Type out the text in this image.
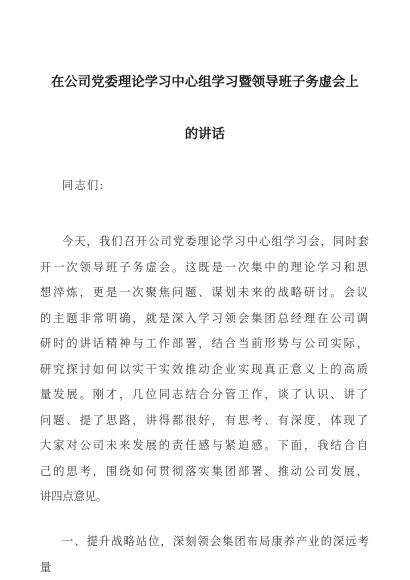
在公司党委理论学习中心组学习暨领导班子务虚会上
的讲话
同志们:
今天，我们召开公司党委理论学习中心组学习会，同时套
开一次领导班子务虚会。这既是一次集中的理论学习和思
想淬炼，更是一次聚焦问题、谋划未来的战略研讨。会议
的主题非常明确，就是深入学习领会集团总经理在公司调
研时的讲话精神与工作部署，结合当前形势与公司实际，
研究探讨如何以实干实效推动企业实现真正意义上的高质
量发展。刚才，几位同志结合分管工作，谈了认识、讲了
问题、提了思路，讲得都很好，有思考、有深度，体现了
大家对公司未来发展的责任感与紧迫感。下面，我结合自
己的思考，围绕如何贯彻落实集团部署、推动公司发展，
讲四点意见。
一、提升战略站位，深刻领会集团布局康养产业的深远考
量
